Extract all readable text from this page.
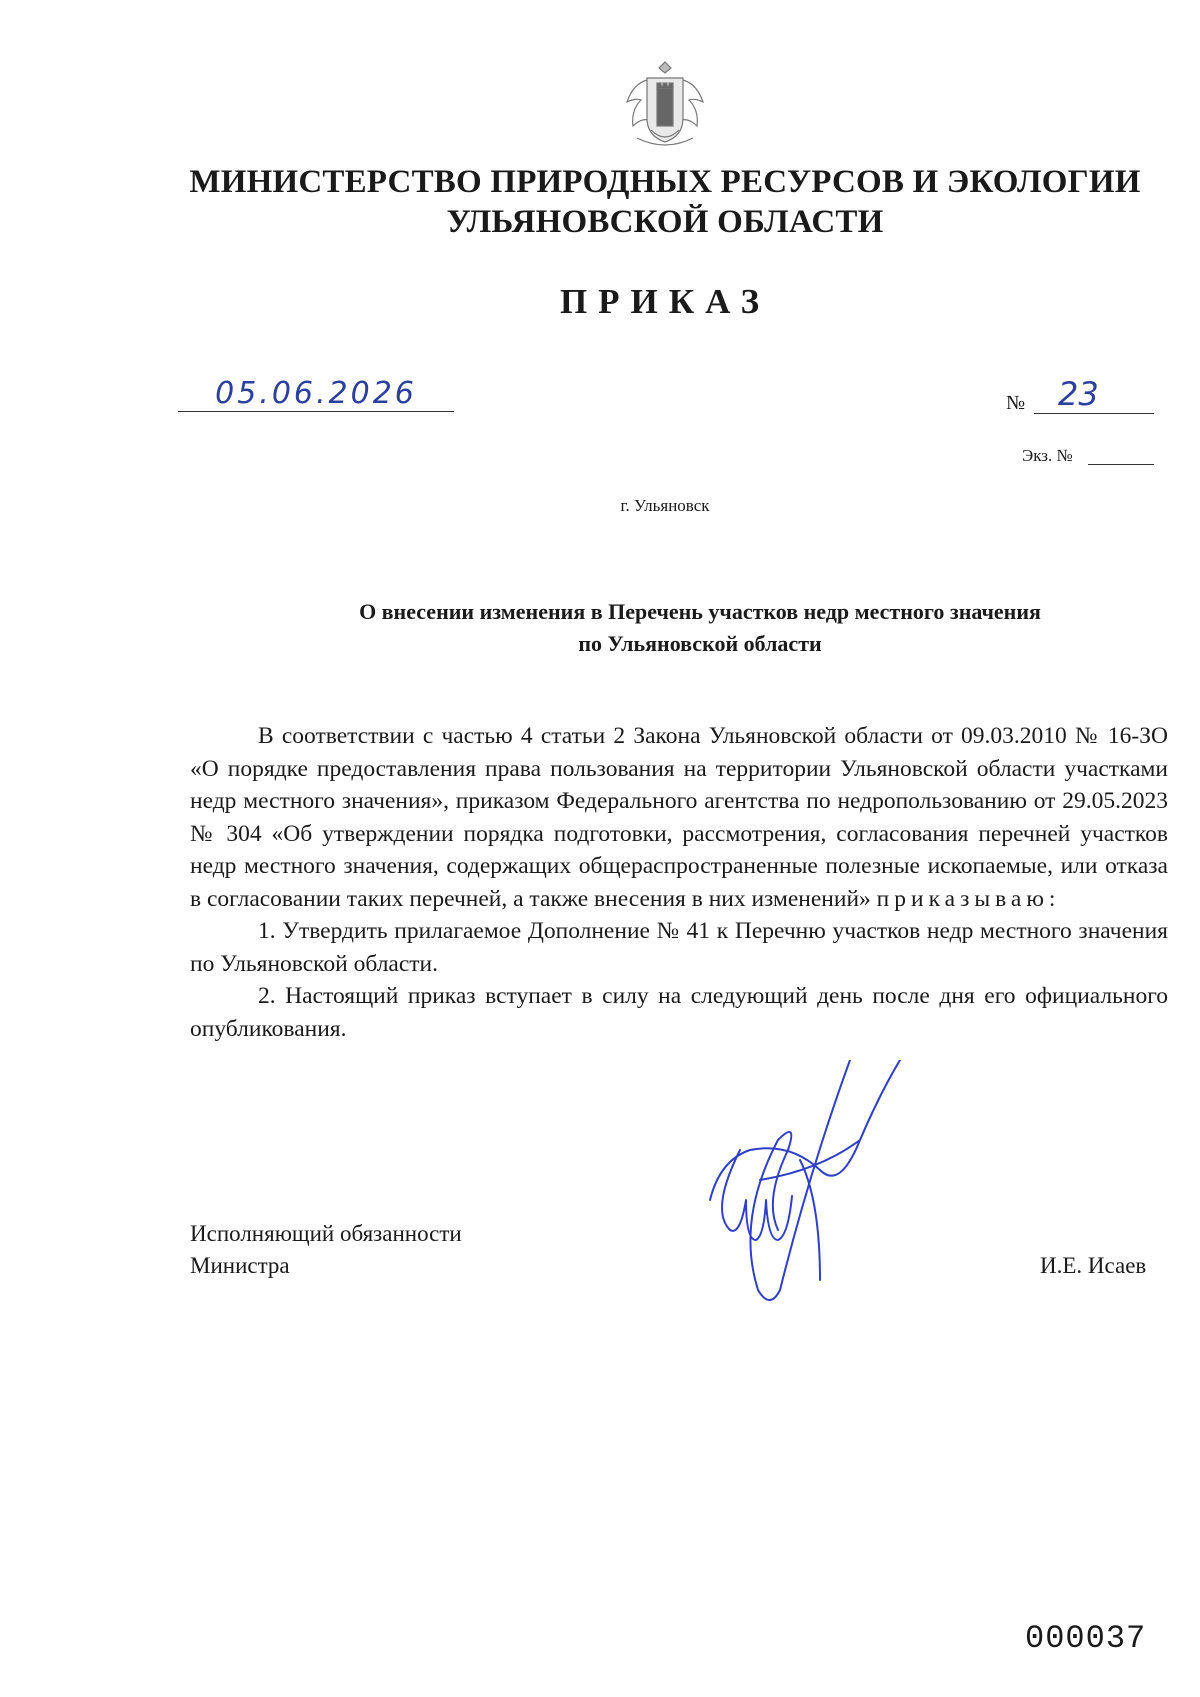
МИНИСТЕРСТВО ПРИРОДНЫХ РЕСУРСОВ И ЭКОЛОГИИ
УЛЬЯНОВСКОЙ ОБЛАСТИ
ПРИКАЗ
05.06.2026	№ 23
Экз. №
г. Ульяновск
О внесении изменения в Перечень участков недр местного значения
по Ульяновской области

В соответствии с частью 4 статьи 2 Закона Ульяновской области от 09.03.2010 № 16-ЗО «О порядке предоставления права пользования на территории Ульяновской области участками недр местного значения», приказом Федерального агентства по недропользованию от 29.05.2023 № 304 «Об утверждении порядка подготовки, рассмотрения, согласования перечней участков недр местного значения, содержащих общераспространенные полезные ископаемые, или отказа в согласовании таких перечней, а также внесения в них изменений» приказываю:

1. Утвердить прилагаемое Дополнение № 41 к Перечню участков недр местного значения по Ульяновской области.

2. Настоящий приказ вступает в силу на следующий день после дня его официального опубликования.

Исполняющий обязанности
Министра	И.Е. Исаев
000037
